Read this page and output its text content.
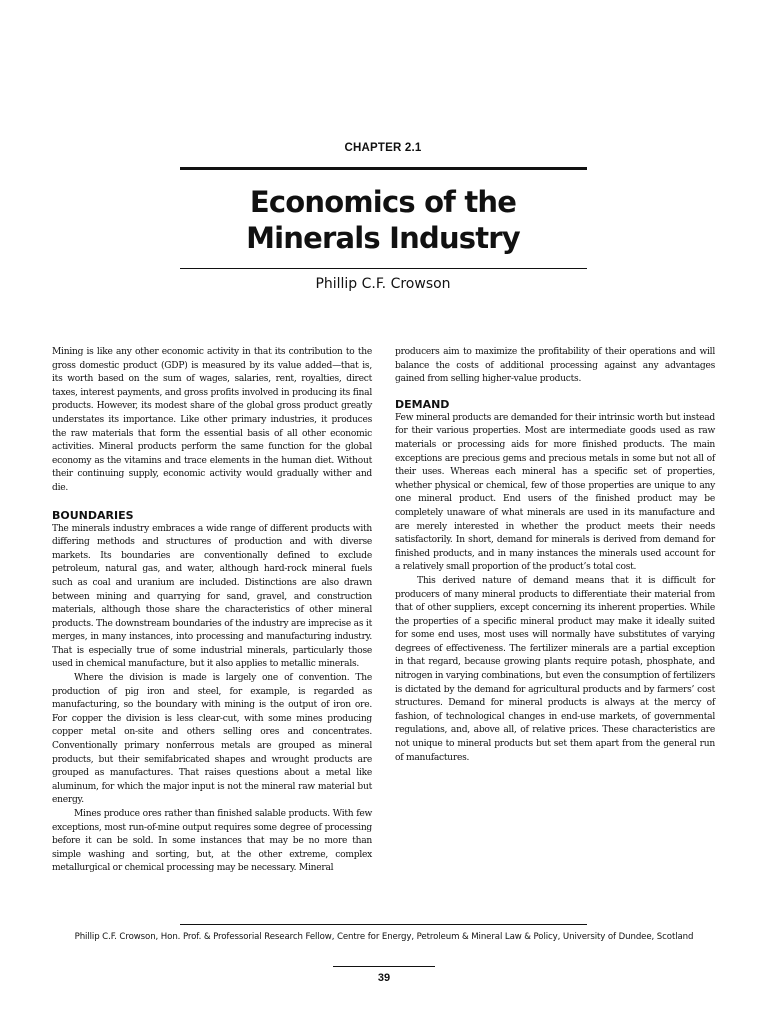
CHAPTER 2.1
Economics of the
Minerals Industry
Phillip C.F. Crowson

Mining is like any other economic activity in that its contribution to the gross domestic product (GDP) is measured by its value added—that is, its worth based on the sum of wages, salaries, rent, royalties, direct taxes, interest payments, and gross profits involved in producing its final products. However, its modest share of the global gross product greatly understates its importance. Like other primary industries, it produces the raw materials that form the essential basis of all other economic activities. Mineral products perform the same function for the global economy as the vitamins and trace elements in the human diet. Without their continuing supply, economic activity would gradually wither and die.

BOUNDARIES

The minerals industry embraces a wide range of different products with differing methods and structures of production and with diverse markets. Its boundaries are conventionally defined to exclude petroleum, natural gas, and water, although hard-rock mineral fuels such as coal and uranium are included. Distinctions are also drawn between mining and quarrying for sand, gravel, and construction materials, although those share the characteristics of other mineral products. The downstream boundaries of the industry are imprecise as it merges, in many instances, into processing and manufacturing industry. That is especially true of some industrial minerals, particularly those used in chemical manufacture, but it also applies to metallic minerals.

Where the division is made is largely one of convention. The production of pig iron and steel, for example, is regarded as manufacturing, so the boundary with mining is the output of iron ore. For copper the division is less clear-cut, with some mines producing copper metal on-site and others selling ores and concentrates. Conventionally primary nonferrous metals are grouped as mineral products, but their semifabricated shapes and wrought products are grouped as manufactures. That raises questions about a metal like aluminum, for which the major input is not the mineral raw material but energy.

Mines produce ores rather than finished salable products. With few exceptions, most run-of-mine output requires some degree of processing before it can be sold. In some instances that may be no more than simple washing and sorting, but, at the other extreme, complex metallurgical or chemical processing may be necessary. Mineral

producers aim to maximize the profitability of their operations and will balance the costs of additional processing against any advantages gained from selling higher-value products.

DEMAND

Few mineral products are demanded for their intrinsic worth but instead for their various properties. Most are intermediate goods used as raw materials or processing aids for more finished products. The main exceptions are precious gems and precious metals in some but not all of their uses. Whereas each mineral has a specific set of properties, whether physical or chemical, few of those properties are unique to any one mineral product. End users of the finished product may be completely unaware of what minerals are used in its manufacture and are merely interested in whether the product meets their needs satisfactorily. In short, demand for minerals is derived from demand for finished products, and in many instances the minerals used account for a relatively small proportion of the product’s total cost.

This derived nature of demand means that it is difficult for producers of many mineral products to differentiate their material from that of other suppliers, except concerning its inherent properties. While the properties of a specific mineral product may make it ideally suited for some end uses, most uses will normally have substitutes of varying degrees of effectiveness. The fertilizer minerals are a partial exception in that regard, because growing plants require potash, phosphate, and nitrogen in varying combinations, but even the consumption of fertilizers is dictated by the demand for agricultural products and by farmers’ cost structures. Demand for mineral products is always at the mercy of fashion, of technological changes in end-use markets, of governmental regulations, and, above all, of relative prices. These characteristics are not unique to mineral products but set them apart from the general run of manufactures.

Phillip C.F. Crowson, Hon. Prof. & Professorial Research Fellow, Centre for Energy, Petroleum & Mineral Law & Policy, University of Dundee, Scotland
39
